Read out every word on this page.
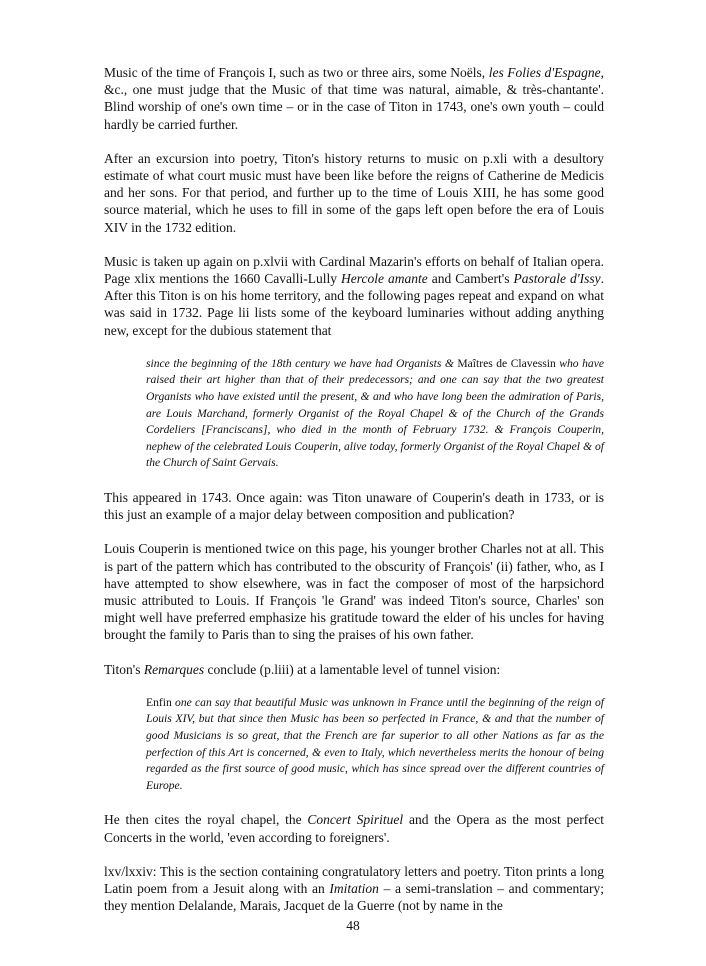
Music of the time of François I, such as two or three airs, some Noëls, les Folies d'Espagne, &c., one must judge that the Music of that time was natural, aimable, & très-chantante'. Blind worship of one's own time – or in the case of Titon in 1743, one's own youth – could hardly be carried further.

After an excursion into poetry, Titon's history returns to music on p.xli with a desultory estimate of what court music must have been like before the reigns of Catherine de Medicis and her sons. For that period, and further up to the time of Louis XIII, he has some good source material, which he uses to fill in some of the gaps left open before the era of Louis XIV in the 1732 edition.

Music is taken up again on p.xlvii with Cardinal Mazarin's efforts on behalf of Italian opera. Page xlix mentions the 1660 Cavalli-Lully Hercole amante and Cambert's Pastorale d'Issy. After this Titon is on his home territory, and the following pages repeat and expand on what was said in 1732. Page lii lists some of the keyboard luminaries without adding anything new, except for the dubious statement that

since the beginning of the 18th century we have had Organists & Maîtres de Clavessin who have raised their art higher than that of their predecessors; and one can say that the two greatest Organists who have existed until the present, & and who have long been the admiration of Paris, are Louis Marchand, formerly Organist of the Royal Chapel & of the Church of the Grands Cordeliers [Franciscans], who died in the month of February 1732. & François Couperin, nephew of the celebrated Louis Couperin, alive today, formerly Organist of the Royal Chapel & of the Church of Saint Gervais.

This appeared in 1743. Once again: was Titon unaware of Couperin's death in 1733, or is this just an example of a major delay between composition and publication?

Louis Couperin is mentioned twice on this page, his younger brother Charles not at all. This is part of the pattern which has contributed to the obscurity of François' (ii) father, who, as I have attempted to show elsewhere, was in fact the composer of most of the harpsichord music attributed to Louis. If François 'le Grand' was indeed Titon's source, Charles' son might well have preferred emphasize his gratitude toward the elder of his uncles for having brought the family to Paris than to sing the praises of his own father.

Titon's Remarques conclude (p.liii) at a lamentable level of tunnel vision:

Enfin one can say that beautiful Music was unknown in France until the beginning of the reign of Louis XIV, but that since then Music has been so perfected in France, & and that the number of good Musicians is so great, that the French are far superior to all other Nations as far as the perfection of this Art is concerned, & even to Italy, which nevertheless merits the honour of being regarded as the first source of good music, which has since spread over the different countries of Europe.

He then cites the royal chapel, the Concert Spirituel and the Opera as the most perfect Concerts in the world, 'even according to foreigners'.

lxv/lxxiv: This is the section containing congratulatory letters and poetry. Titon prints a long Latin poem from a Jesuit along with an Imitation – a semi-translation – and commentary; they mention Delalande, Marais, Jacquet de la Guerre (not by name in the

48
